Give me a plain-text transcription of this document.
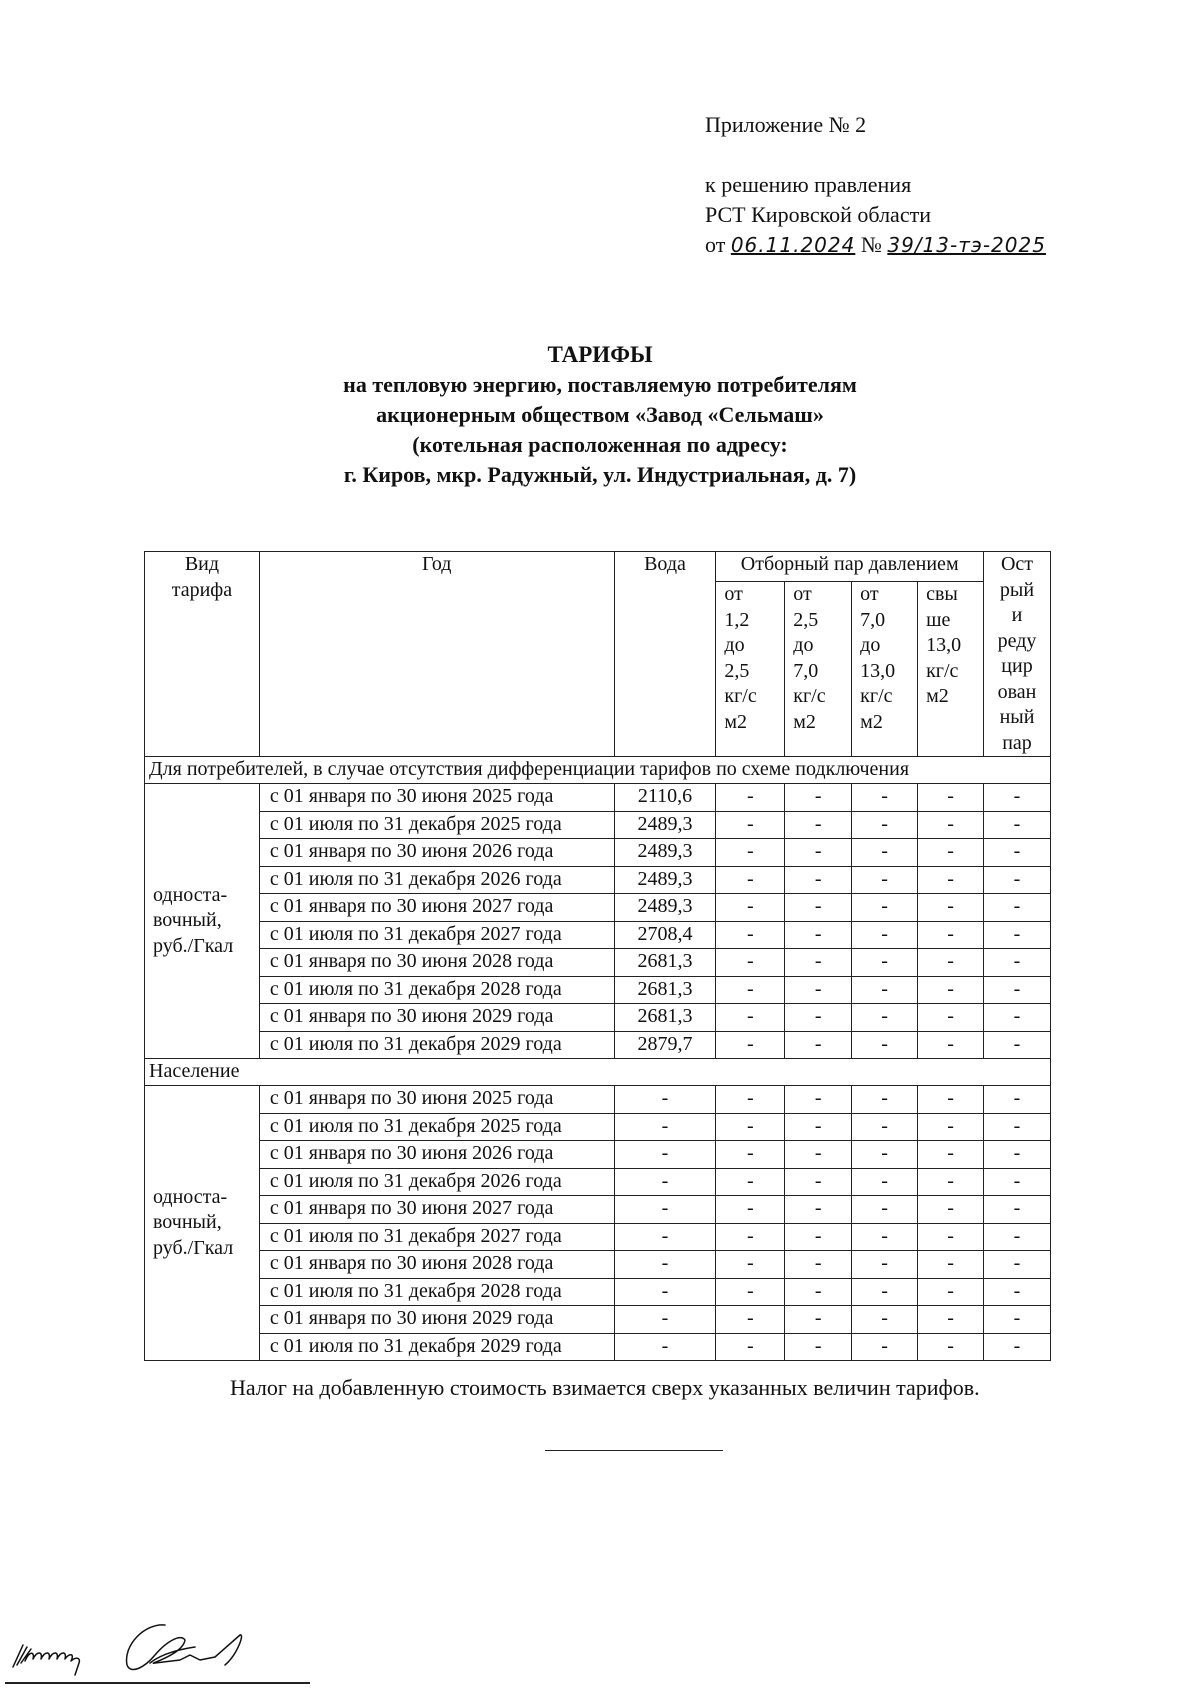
Приложение № 2
к решению правления
РСТ Кировской области
от 06.11.2024 № 39/13-тэ-2025
ТАРИФЫ
на тепловую энергию, поставляемую потребителям
акционерным обществом «Завод «Сельмаш»
(котельная расположенная по адресу:
г. Киров, мкр. Радужный, ул. Индустриальная, д. 7)
Вид тарифа	Год	Вода	Отборный пар давлением				Ост рый и реду цир ован ный пар
			от 1,2 до 2,5 кг/с м2	от 2,5 до 7,0 кг/с м2	от 7,0 до 13,0 кг/с м2	свы ше 13,0 кг/с м2	
Для потребителей, в случае отсутствия дифференциации тарифов по схеме подключения							
односта-вочный, руб./Гкал	с 01 января по 30 июня 2025 года	2110,6	-	-	-	-	-
	с 01 июля по 31 декабря 2025 года	2489,3	-	-	-	-	-
	с 01 января по 30 июня 2026 года	2489,3	-	-	-	-	-
	с 01 июля по 31 декабря 2026 года	2489,3	-	-	-	-	-
	с 01 января по 30 июня 2027 года	2489,3	-	-	-	-	-
	с 01 июля по 31 декабря 2027 года	2708,4	-	-	-	-	-
	с 01 января по 30 июня 2028 года	2681,3	-	-	-	-	-
	с 01 июля по 31 декабря 2028 года	2681,3	-	-	-	-	-
	с 01 января по 30 июня 2029 года	2681,3	-	-	-	-	-
	с 01 июля по 31 декабря 2029 года	2879,7	-	-	-	-	-
Население							
односта-вочный, руб./Гкал	с 01 января по 30 июня 2025 года	-	-	-	-	-	-
	с 01 июля по 31 декабря 2025 года	-	-	-	-	-	-
	с 01 января по 30 июня 2026 года	-	-	-	-	-	-
	с 01 июля по 31 декабря 2026 года	-	-	-	-	-	-
	с 01 января по 30 июня 2027 года	-	-	-	-	-	-
	с 01 июля по 31 декабря 2027 года	-	-	-	-	-	-
	с 01 января по 30 июня 2028 года	-	-	-	-	-	-
	с 01 июля по 31 декабря 2028 года	-	-	-	-	-	-
	с 01 января по 30 июня 2029 года	-	-	-	-	-	-
	с 01 июля по 31 декабря 2029 года	-	-	-	-	-	-
Налог на добавленную стоимость взимается сверх указанных величин тарифов.
